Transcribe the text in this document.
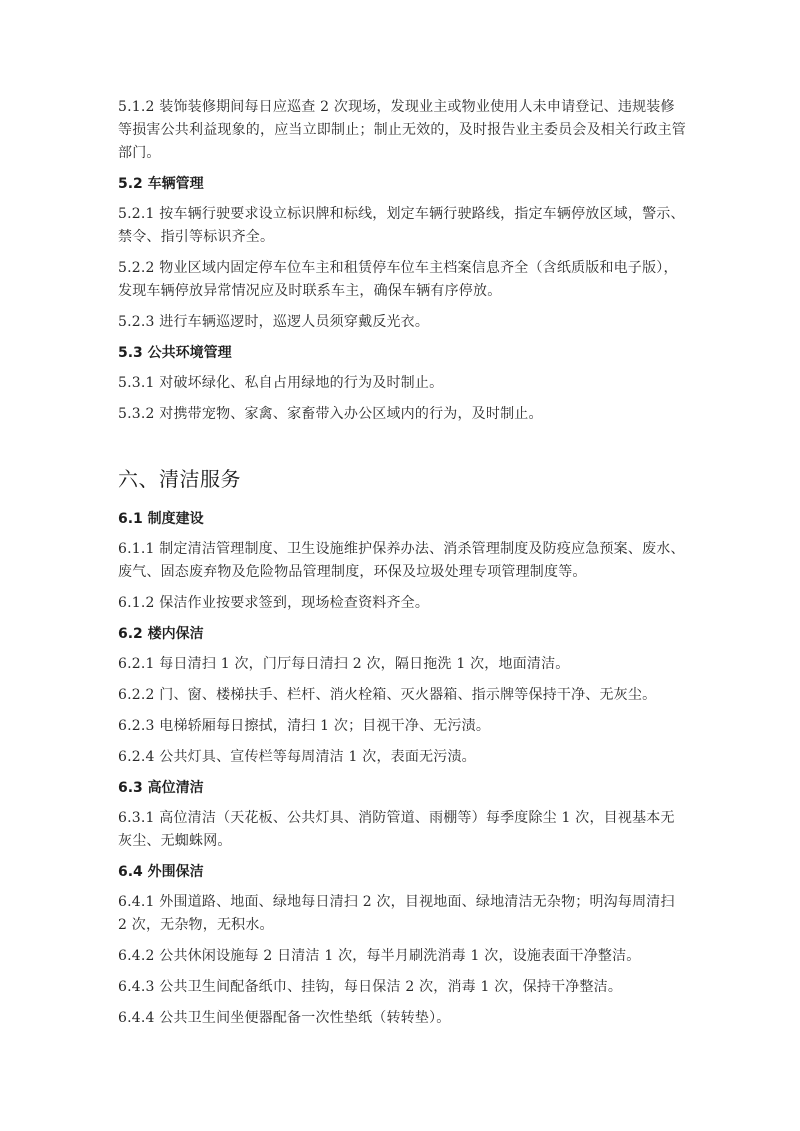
5.1.2 装饰装修期间每日应巡查 2 次现场，发现业主或物业使用人未申请登记、违规装修等损害公共利益现象的，应当立即制止；制止无效的，及时报告业主委员会及相关行政主管部门。

5.2 车辆管理

5.2.1 按车辆行驶要求设立标识牌和标线，划定车辆行驶路线，指定车辆停放区域，警示、禁令、指引等标识齐全。

5.2.2 物业区域内固定停车位车主和租赁停车位车主档案信息齐全（含纸质版和电子版），发现车辆停放异常情况应及时联系车主，确保车辆有序停放。

5.2.3 进行车辆巡逻时，巡逻人员须穿戴反光衣。

5.3 公共环境管理

5.3.1 对破坏绿化、私自占用绿地的行为及时制止。

5.3.2 对携带宠物、家禽、家畜带入办公区域内的行为，及时制止。

六、清洁服务
6.1 制度建设

6.1.1 制定清洁管理制度、卫生设施维护保养办法、消杀管理制度及防疫应急预案、废水、废气、固态废弃物及危险物品管理制度，环保及垃圾处理专项管理制度等。

6.1.2 保洁作业按要求签到，现场检查资料齐全。

6.2 楼内保洁

6.2.1 每日清扫 1 次，门厅每日清扫 2 次，隔日拖洗 1 次，地面清洁。

6.2.2 门、窗、楼梯扶手、栏杆、消火栓箱、灭火器箱、指示牌等保持干净、无灰尘。

6.2.3 电梯轿厢每日擦拭，清扫 1 次；目视干净、无污渍。

6.2.4 公共灯具、宣传栏等每周清洁 1 次，表面无污渍。

6.3 高位清洁

6.3.1 高位清洁（天花板、公共灯具、消防管道、雨棚等）每季度除尘 1 次，目视基本无灰尘、无蜘蛛网。

6.4 外围保洁

6.4.1 外围道路、地面、绿地每日清扫 2 次，目视地面、绿地清洁无杂物；明沟每周清扫 2 次，无杂物，无积水。

6.4.2 公共休闲设施每 2 日清洁 1 次，每半月刷洗消毒 1 次，设施表面干净整洁。

6.4.3 公共卫生间配备纸巾、挂钩，每日保洁 2 次，消毒 1 次，保持干净整洁。

6.4.4 公共卫生间坐便器配备一次性垫纸（转转垫）。
